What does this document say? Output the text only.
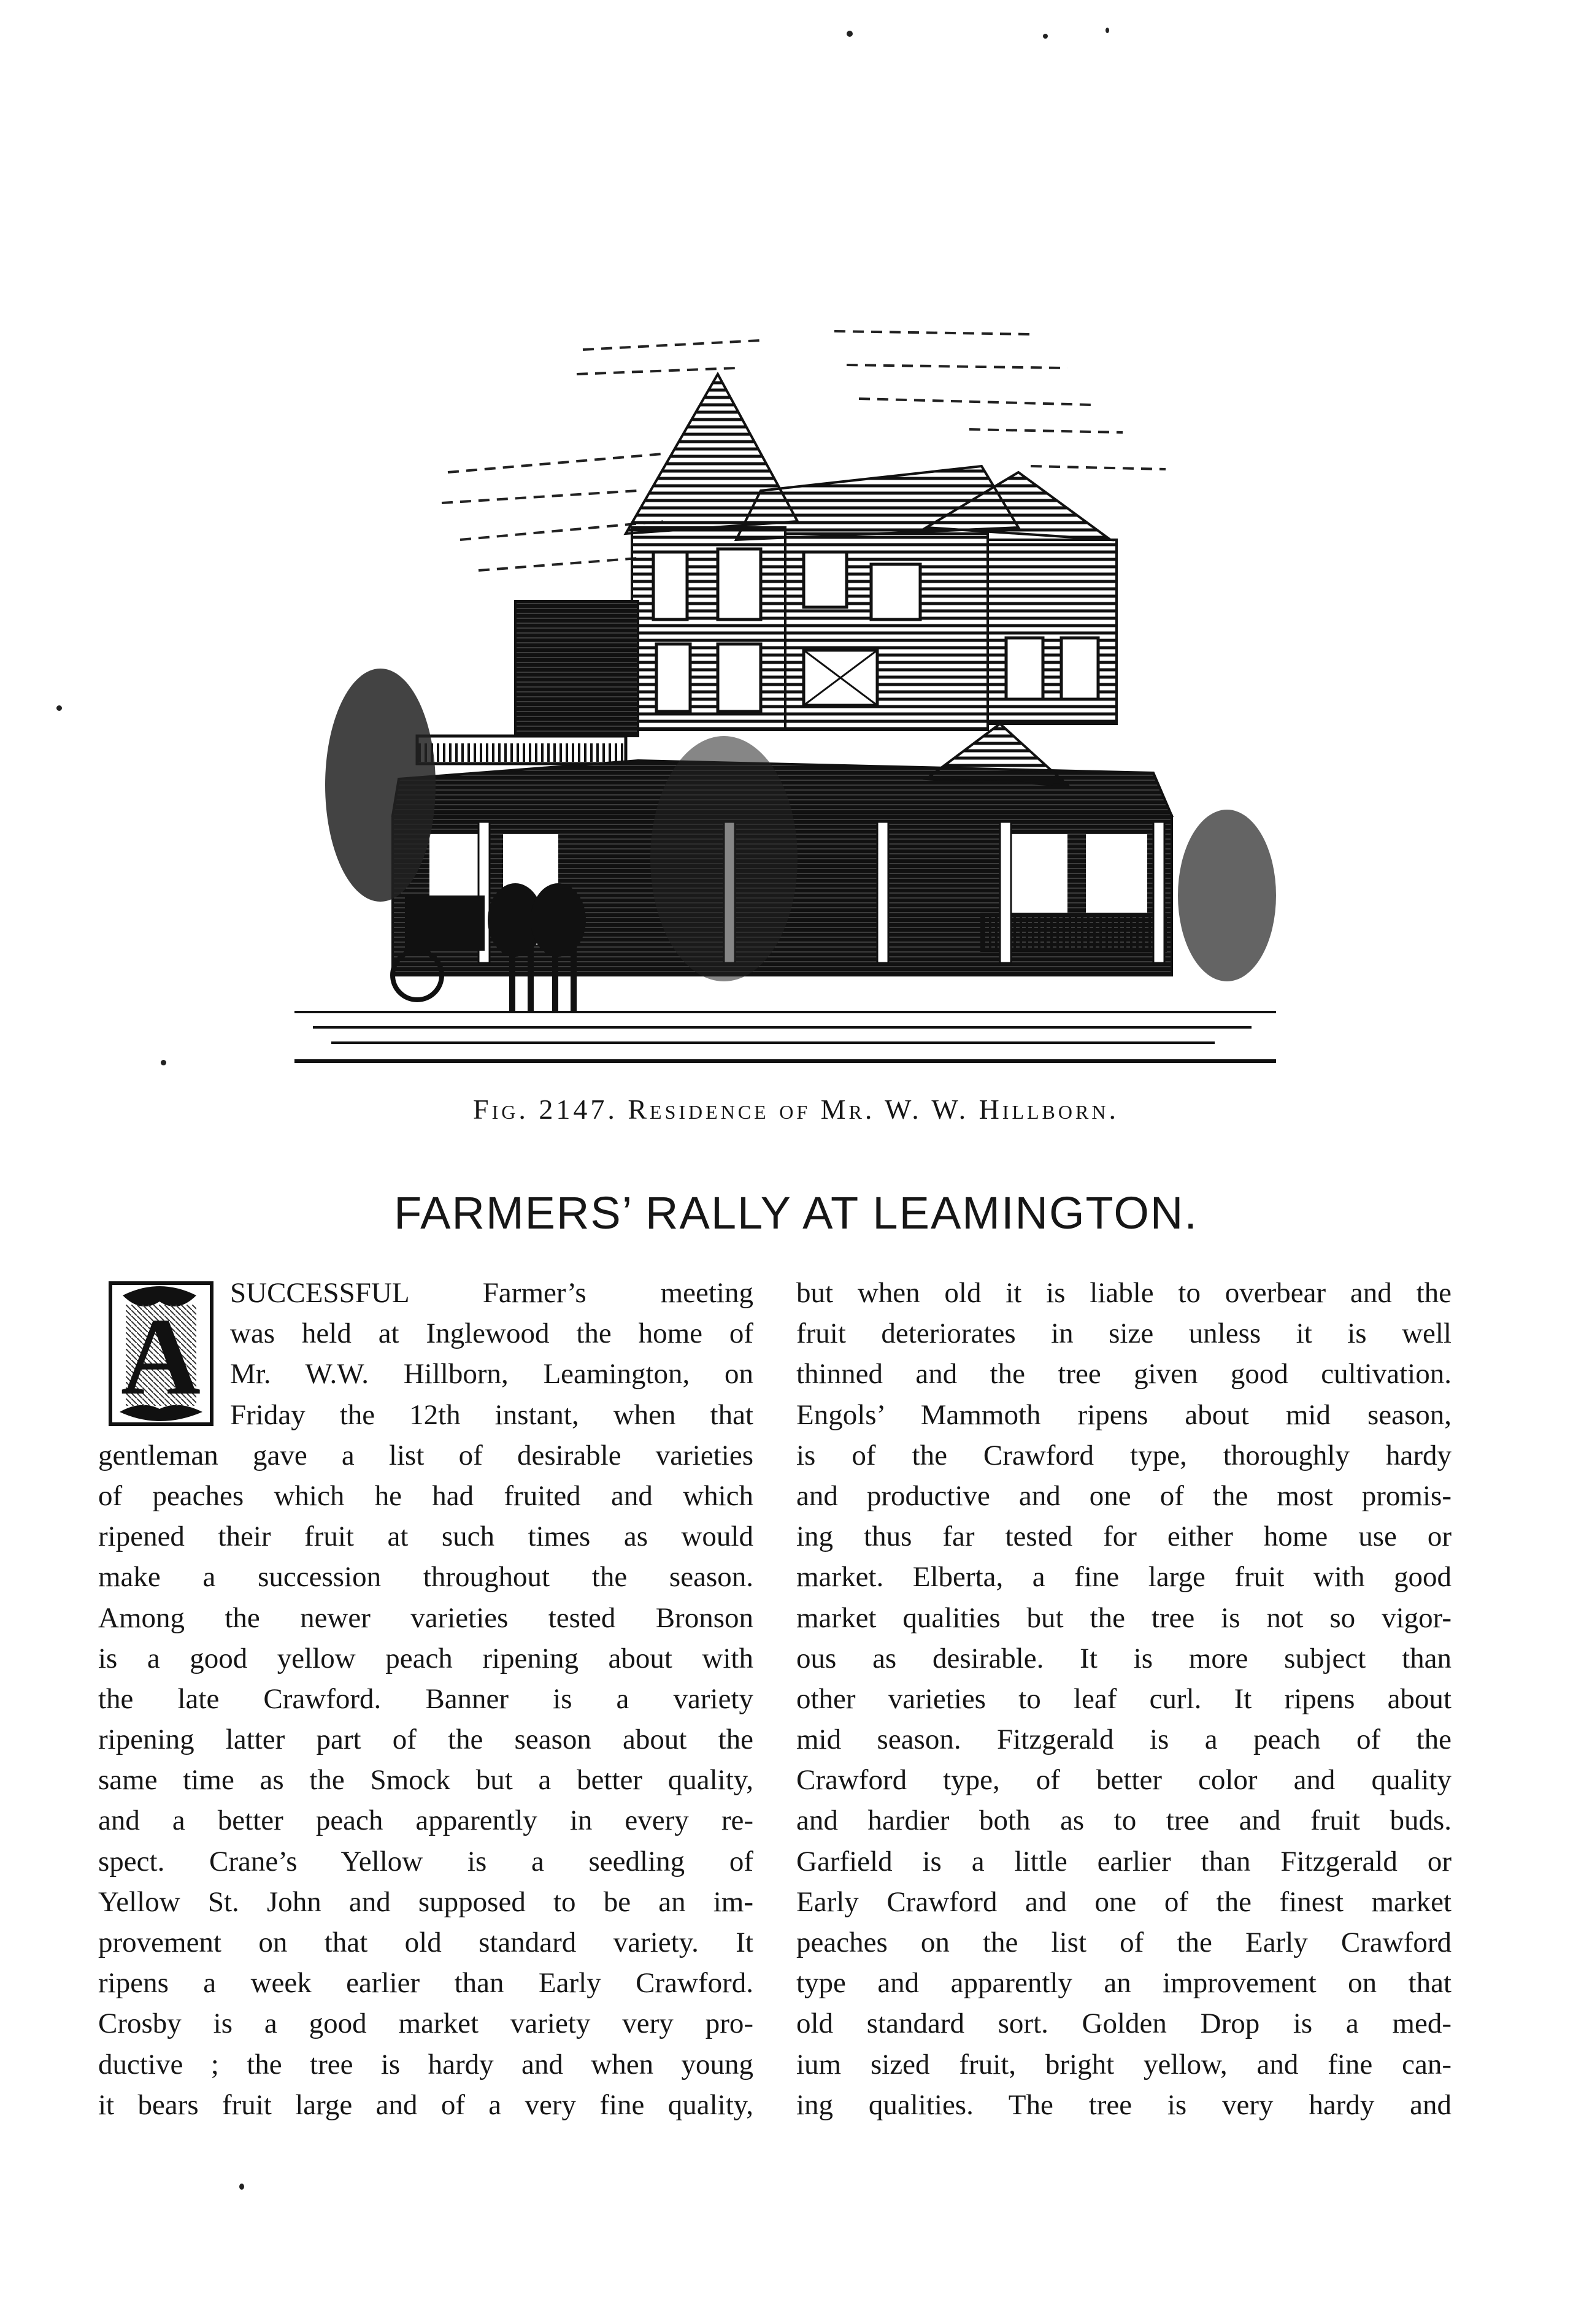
Fig. 2147. Residence of Mr. W. W. Hillborn.
FARMERS’ RALLY AT LEAMINGTON.
A
SUCCESSFUL Farmer’s meeting
was held at Inglewood the home of
Mr. W.W. Hillborn, Leamington, on
Friday the 12th instant, when that
gentleman gave a list of desirable varieties
of peaches which he had fruited and which
ripened their fruit at such times as would
make a succession throughout the season.
Among the newer varieties tested Bronson
is a good yellow peach ripening about with
the late Crawford. Banner is a variety
ripening latter part of the season about the
same time as the Smock but a better quality,
and a better peach apparently in every re-
spect. Crane’s Yellow is a seedling of
Yellow St. John and supposed to be an im-
provement on that old standard variety. It
ripens a week earlier than Early Crawford.
Crosby is a good market variety very pro-
ductive ; the tree is hardy and when young
it bears fruit large and of a very fine quality,
but when old it is liable to overbear and the
fruit deteriorates in size unless it is well
thinned and the tree given good cultivation.
Engols’ Mammoth ripens about mid season,
is of the Crawford type, thoroughly hardy
and productive and one of the most promis-
ing thus far tested for either home use or
market. Elberta, a fine large fruit with good
market qualities but the tree is not so vigor-
ous as desirable. It is more subject than
other varieties to leaf curl. It ripens about
mid season. Fitzgerald is a peach of the
Crawford type, of better color and quality
and hardier both as to tree and fruit buds.
Garfield is a little earlier than Fitzgerald or
Early Crawford and one of the finest market
peaches on the list of the Early Crawford
type and apparently an improvement on that
old standard sort. Golden Drop is a med-
ium sized fruit, bright yellow, and fine can-
ing qualities. The tree is very hardy and
